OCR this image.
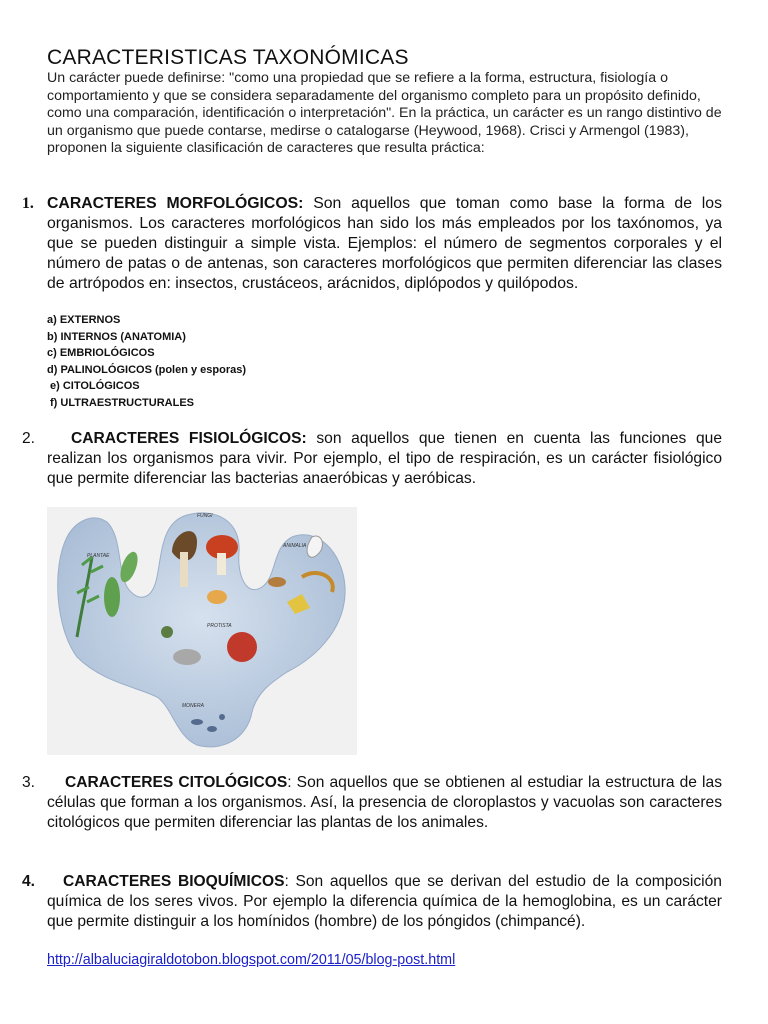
CARACTERISTICAS TAXONÓMICAS
Un carácter puede definirse: "como una propiedad que se refiere a la forma, estructura, fisiología o comportamiento y que se considera separadamente del organismo completo para un propósito definido, como una comparación, identificación o interpretación". En la práctica, un carácter es un rango distintivo de un organismo que puede contarse, medirse o catalogarse (Heywood, 1968). Crisci y Armengol (1983), proponen la siguiente clasificación de caracteres que resulta práctica:
1. CARACTERES MORFOLÓGICOS: Son aquellos que toman como base la forma de los organismos. Los caracteres morfológicos han sido los más empleados por los taxónomos, ya que se pueden distinguir a simple vista. Ejemplos: el número de segmentos corporales y el número de patas o de antenas, son caracteres morfológicos que permiten diferenciar las clases de artrópodos en: insectos, crustáceos, arácnidos, diplópodos y quilópodos.
a) EXTERNOS
b) INTERNOS (ANATOMIA)
c) EMBRIOLÓGICOS
d) PALINOLÓGICOS (polen y esporas)
e) CITOLÓGICOS
f) ULTRAESTRUCTURALES
2.	CARACTERES FISIOLÓGICOS: son aquellos que tienen en cuenta las funciones que realizan los organismos para vivir. Por ejemplo, el tipo de respiración, es un carácter fisiológico que permite diferenciar las bacterias anaeróbicas y aeróbicas.
FUNGI
PLANTAE
ANIMALIA
PROTISTA
MONERA
3.	CARACTERES CITOLÓGICOS: Son aquellos que se obtienen al estudiar la estructura de las células que forman a los organismos. Así, la presencia de cloroplastos y vacuolas son caracteres citológicos que permiten diferenciar las plantas de los animales.
4.	CARACTERES BIOQUÍMICOS: Son aquellos que se derivan del estudio de la composición química de los seres vivos. Por ejemplo la diferencia química de la hemoglobina, es un carácter que permite distinguir a los homínidos (hombre) de los póngidos (chimpancé).
http://albaluciagiraldotobon.blogspot.com/2011/05/blog-post.html
